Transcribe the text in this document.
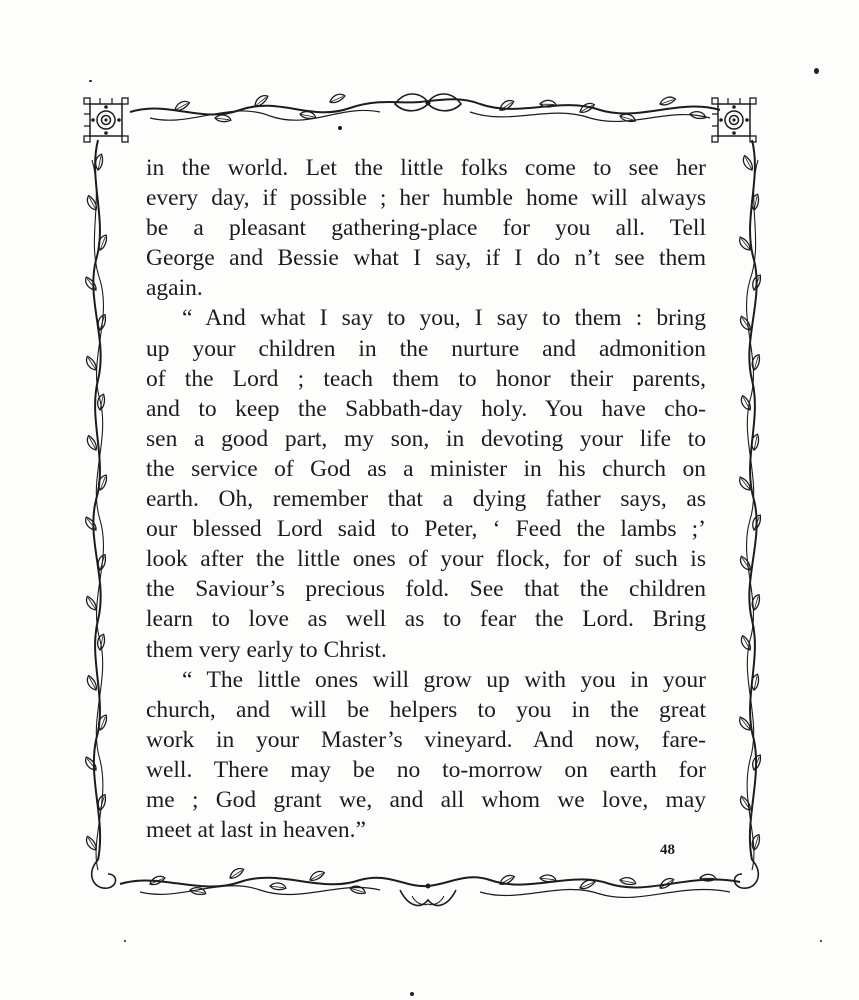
in the world. Let the little folks come to see her
every day, if possible ; her humble home will always
be a pleasant gathering-place for you all. Tell
George and Bessie what I say, if I do n’t see them
again.
“ And what I say to you, I say to them : bring
up your children in the nurture and admonition
of the Lord ; teach them to honor their parents,
and to keep the Sabbath-day holy. You have cho-
sen a good part, my son, in devoting your life to
the service of God as a minister in his church on
earth. Oh, remember that a dying father says, as
our blessed Lord said to Peter, ‘ Feed the lambs ;’
look after the little ones of your flock, for of such is
the Saviour’s precious fold. See that the children
learn to love as well as to fear the Lord. Bring
them very early to Christ.
“ The little ones will grow up with you in your
church, and will be helpers to you in the great
work in your Master’s vineyard. And now, fare-
well. There may be no to-morrow on earth for
me ; God grant we, and all whom we love, may
meet at last in heaven.”
48
